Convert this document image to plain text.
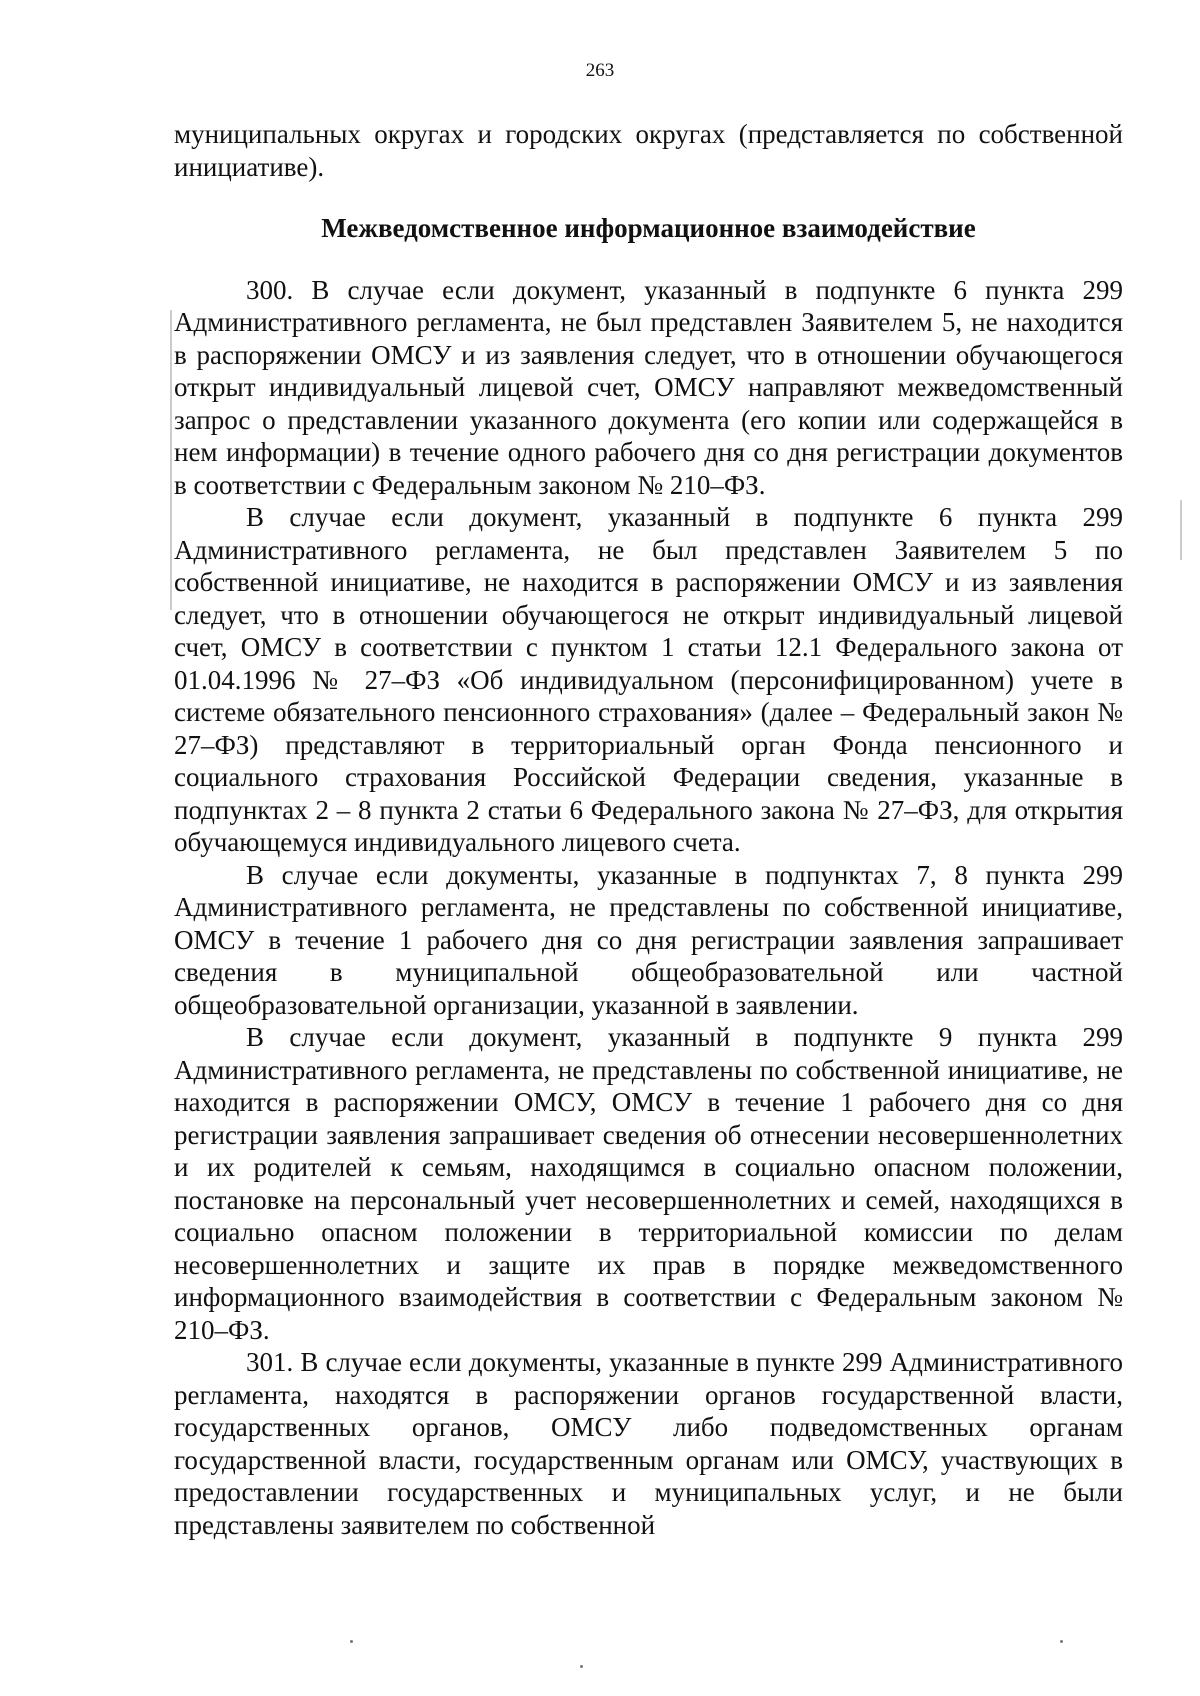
263

муниципальных округах и городских округах (представляется по собственной инициативе).

Межведомственное информационное взаимодействие

300. В случае если документ, указанный в подпункте 6 пункта 299 Административного регламента, не был представлен Заявителем 5, не находится в распоряжении ОМСУ и из заявления следует, что в отношении обучающегося открыт индивидуальный лицевой счет, ОМСУ направляют межведомственный запрос о представлении указанного документа (его копии или содержащейся в нем информации) в течение одного рабочего дня со дня регистрации документов в соответствии с Федеральным законом № 210–ФЗ.

В случае если документ, указанный в подпункте 6 пункта 299 Административного регламента, не был представлен Заявителем 5 по собственной инициативе, не находится в распоряжении ОМСУ и из заявления следует, что в отношении обучающегося не открыт индивидуальный лицевой счет, ОМСУ в соответствии с пунктом 1 статьи 12.1 Федерального закона от 01.04.1996 № 27–ФЗ «Об индивидуальном (персонифицированном) учете в системе обязательного пенсионного страхования» (далее – Федеральный закон № 27–ФЗ) представляют в территориальный орган Фонда пенсионного и социального страхования Российской Федерации сведения, указанные в подпунктах 2 – 8 пункта 2 статьи 6 Федерального закона № 27–ФЗ, для открытия обучающемуся индивидуального лицевого счета.

В случае если документы, указанные в подпунктах 7, 8 пункта 299 Административного регламента, не представлены по собственной инициативе, ОМСУ в течение 1 рабочего дня со дня регистрации заявления запрашивает сведения в муниципальной общеобразовательной или частной общеобразовательной организации, указанной в заявлении.

В случае если документ, указанный в подпункте 9 пункта 299 Административного регламента, не представлены по собственной инициативе, не находится в распоряжении ОМСУ, ОМСУ в течение 1 рабочего дня со дня регистрации заявления запрашивает сведения об отнесении несовершеннолетних и их родителей к семьям, находящимся в социально опасном положении, постановке на персональный учет несовершеннолетних и семей, находящихся в социально опасном положении в территориальной комиссии по делам несовершеннолетних и защите их прав в порядке межведомственного информационного взаимодействия в соответствии с Федеральным законом № 210–ФЗ.

301. В случае если документы, указанные в пункте 299 Административного регламента, находятся в распоряжении органов государственной власти, государственных органов, ОМСУ либо подведомственных органам государственной власти, государственным органам или ОМСУ, участвующих в предоставлении государственных и муниципальных услуг, и не были представлены заявителем по собственной
